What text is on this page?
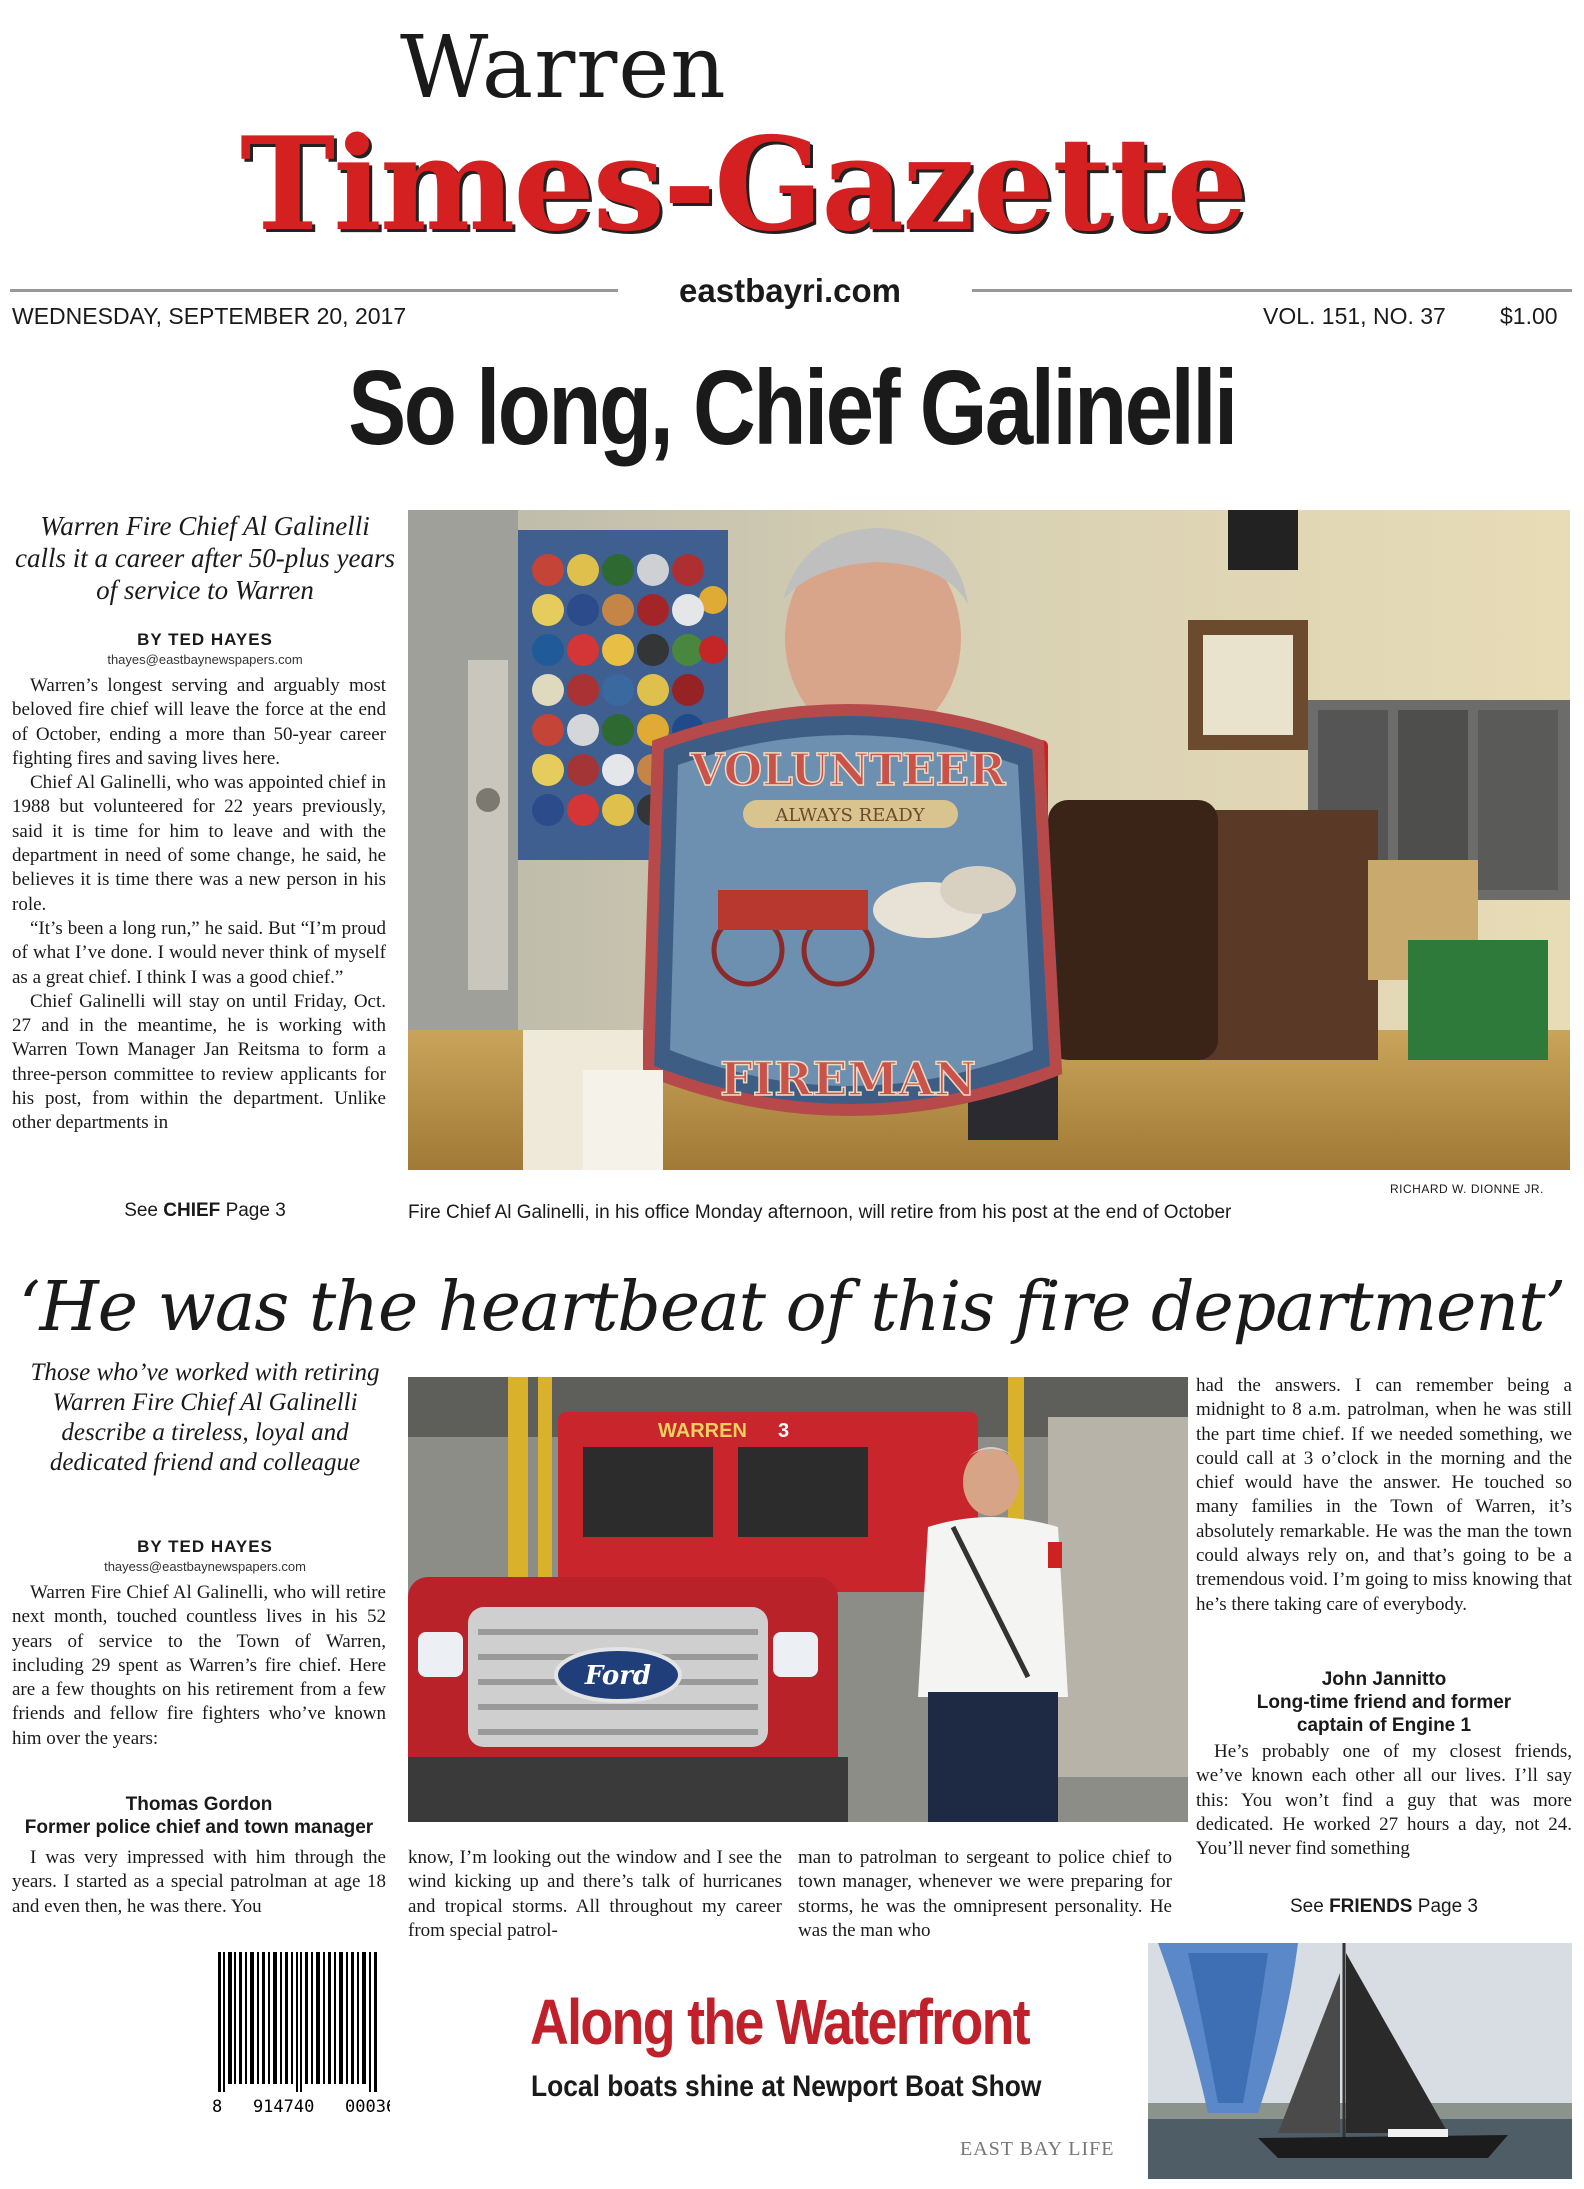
Warren
Times-Gazette
eastbayri.com
WEDNESDAY, SEPTEMBER 20, 2017	VOL. 151, NO. 37 $1.00
So long, Chief Galinelli
Warren Fire Chief Al Galinelli calls it a career after 50-plus years of service to Warren
BY TED HAYES
thayes@eastbaynewspapers.com

Warren’s longest serving and arguably most beloved fire chief will leave the force at the end of October, ending a more than 50-year career fighting fires and saving lives here.

Chief Al Galinelli, who was appointed chief in 1988 but volunteered for 22 years previously, said it is time for him to leave and with the department in need of some change, he said, he believes it is time there was a new person in his role.

“It’s been a long run,” he said. But “I’m proud of what I’ve done. I would never think of myself as a great chief. I think I was a good chief.”

Chief Galinelli will stay on until Friday, Oct. 27 and in the meantime, he is working with Warren Town Manager Jan Reitsma to form a three-person committee to review applicants for his post, from within the department. Unlike other departments in

See CHIEF Page 3
VOLUNTEER
ALWAYS READY
FIREMAN
RICHARD W. DIONNE JR.
Fire Chief Al Galinelli, in his office Monday afternoon, will retire from his post at the end of October
‘He was the heartbeat of this fire department’
Those who’ve worked with retiring Warren Fire Chief Al Galinelli describe a tireless, loyal and dedicated friend and colleague
BY TED HAYES
thayess@eastbaynewspapers.com

Warren Fire Chief Al Galinelli, who will retire next month, touched countless lives in his 52 years of service to the Town of Warren, including 29 spent as Warren’s fire chief. Here are a few thoughts on his retirement from a few friends and fellow fire fighters who’ve known him over the years:

Thomas Gordon
Former police chief and town manager

I was very impressed with him through the years. I started as a special patrolman at age 18 and even then, he was there. You

WARREN 3
Ford

know, I’m looking out the window and I see the wind kicking up and there’s talk of hurricanes and tropical storms. All throughout my career from special patrol-

man to patrolman to sergeant to police chief to town manager, whenever we were preparing for storms, he was the omnipresent personality. He was the man who

had the answers. I can remember being a midnight to 8 a.m. patrolman, when he was still the part time chief. If we needed something, we could call at 3 o’clock in the morning and the chief would have the answer. He touched so many families in the Town of Warren, it’s absolutely remarkable. He was the man the town could always rely on, and that’s going to be a tremendous void. I’m going to miss knowing that he’s there taking care of everybody.

John Jannitto
Long-time friend and former
captain of Engine 1

He’s probably one of my closest friends, we’ve known each other all our lives. I’ll say this: You won’t find a guy that was more dedicated. He worked 27 hours a day, not 24. You’ll never find something

See FRIENDS Page 3
8   914740   000362
Along the Waterfront
Local boats shine at Newport Boat Show
EAST BAY LIFE
